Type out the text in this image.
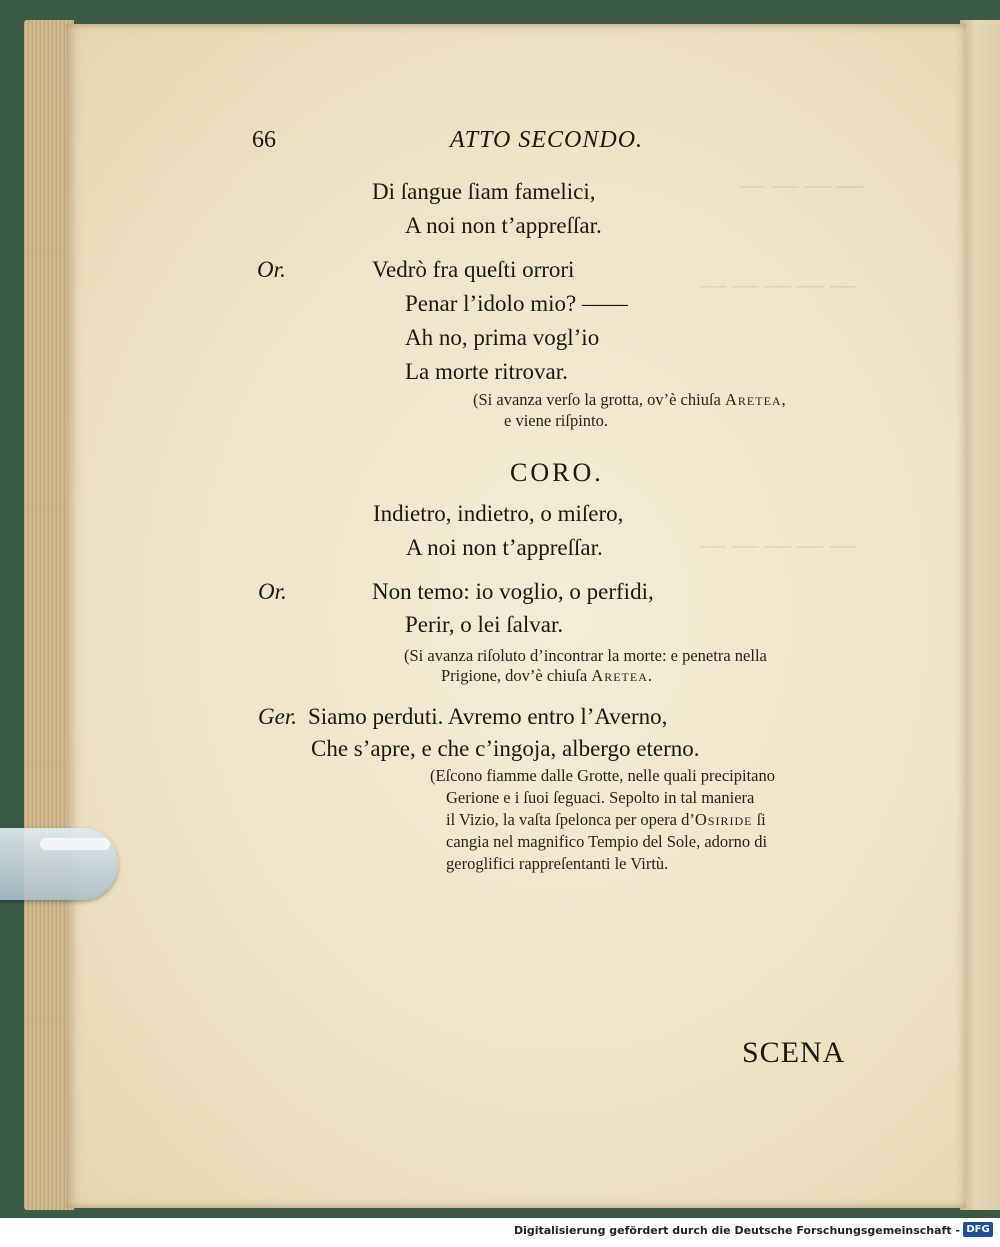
66	ATTO SECONDO.
Di ſangue ſiam famelici,
A noi non t’appreſſar.
Or.	Vedrò fra queſti orrori
Penar l’idolo mio? ——
Ah no, prima vogl’io
La morte ritrovar.
(Si avanza verſo la grotta, ov’è chiuſa Aretea,
e viene riſpinto.
CORO.
Indietro, indietro, o miſero,
A noi non t’appreſſar.
Or.	Non temo: io voglio, o perfidi,
Perir, o lei ſalvar.
(Si avanza riſoluto d’incontrar la morte: e penetra nella
Prigione, dov’è chiuſa Aretea.
Ger. Siamo perduti. Avremo entro l’Averno,
Che s’apre, e che c’ingoja, albergo eterno.
(Eſcono fiamme dalle Grotte, nelle quali precipitano
Gerione e i ſuoi ſeguaci. Sepolto in tal maniera
il Vizio, la vaſta ſpelonca per opera d’Osiride ſi
cangia nel magnifico Tempio del Sole, adorno di
geroglifici rappreſentanti le Virtù.
SCENA
Digitalisierung gefördert durch die Deutsche Forschungsgemeinschaft - DFG
